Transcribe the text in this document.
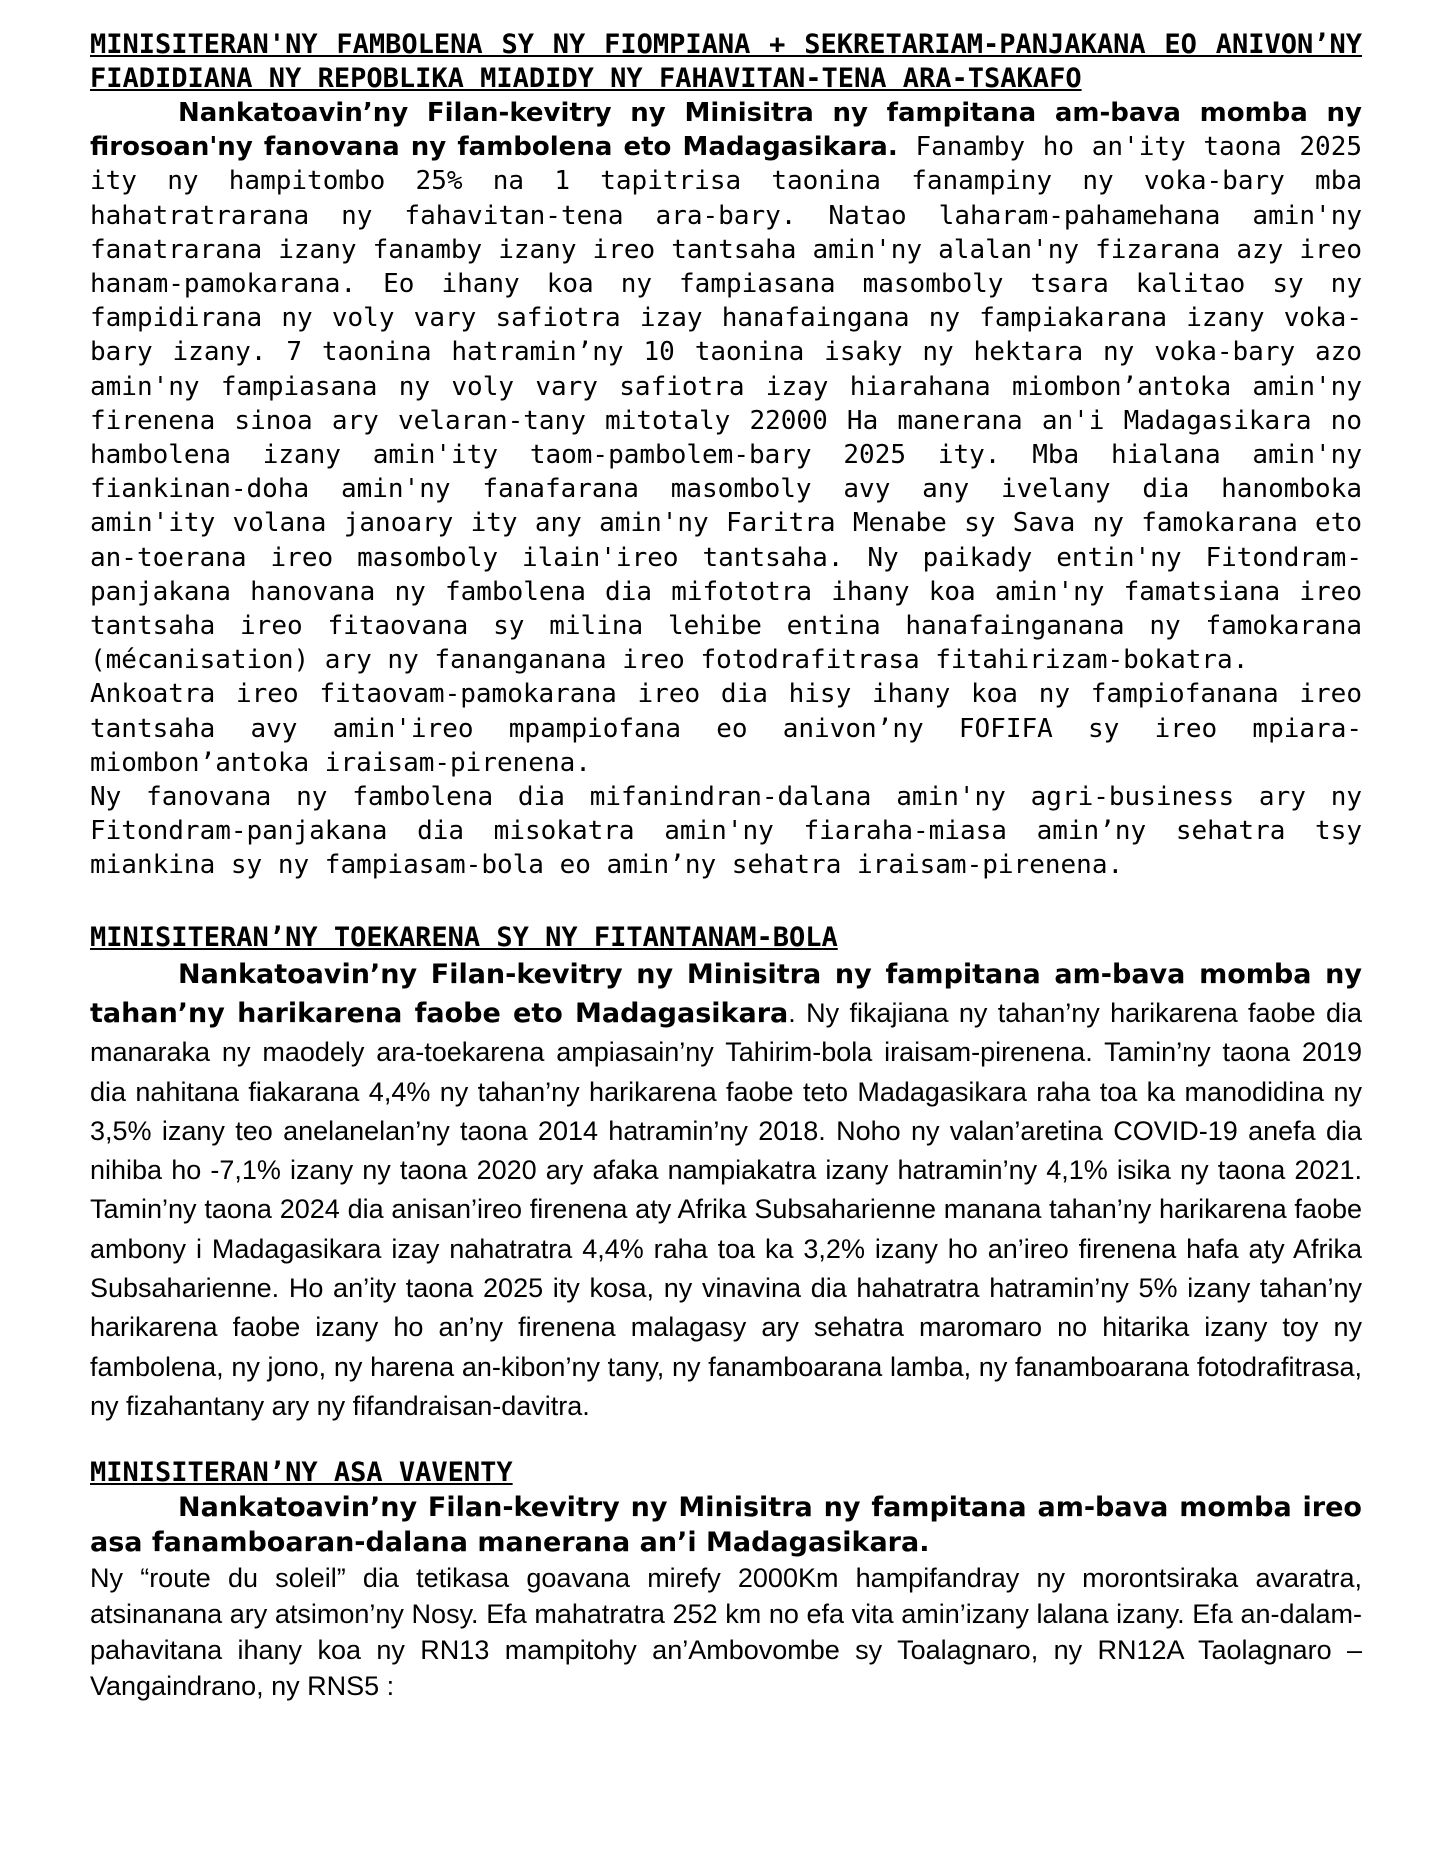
MINISITERAN'NY FAMBOLENA SY NY FIOMPIANA + SEKRETARIAM-PANJAKANA EO ANIVON’NY FIADIDIANA NY REPOBLIKA MIADIDY NY FAHAVITAN-TENA ARA-TSAKAFO

Nankatoavin’ny Filan-kevitry ny Minisitra ny fampitana am-bava momba ny firosoan'ny fanovana ny fambolena eto Madagasikara. Fanamby ho an'ity taona 2025 ity ny hampitombo 25% na 1 tapitrisa taonina fanampiny ny voka-bary mba hahatratrarana ny fahavitan-tena ara-bary. Natao laharam-pahamehana amin'ny fanatrarana izany fanamby izany ireo tantsaha amin'ny alalan'ny fizarana azy ireo hanam-pamokarana. Eo ihany koa ny fampiasana masomboly tsara kalitao sy ny fampidirana ny voly vary safiotra izay hanafaingana ny fampiakarana izany voka-bary izany. 7 taonina hatramin’ny 10 taonina isaky ny hektara ny voka-bary azo amin'ny fampiasana ny voly vary safiotra izay hiarahana miombon’antoka amin'ny firenena sinoa ary velaran-tany mitotaly 22000 Ha manerana an'i Madagasikara no hambolena izany amin'ity taom-pambolem-bary 2025 ity. Mba hialana amin'ny fiankinan-doha amin'ny fanafarana masomboly avy any ivelany dia hanomboka amin'ity volana janoary ity any amin'ny Faritra Menabe sy Sava ny famokarana eto an-toerana ireo masomboly ilain'ireo tantsaha. Ny paikady entin'ny Fitondram-panjakana hanovana ny fambolena dia mifototra ihany koa amin'ny famatsiana ireo tantsaha ireo fitaovana sy milina lehibe entina hanafainganana ny famokarana (mécanisation) ary ny fananganana ireo fotodrafitrasa fitahirizam-bokatra.

Ankoatra ireo fitaovam-pamokarana ireo dia hisy ihany koa ny fampiofanana ireo tantsaha avy amin'ireo mpampiofana eo anivon’ny FOFIFA sy ireo mpiara-miombon’antoka iraisam-pirenena.

Ny fanovana ny fambolena dia mifanindran-dalana amin'ny agri-business ary ny Fitondram-panjakana dia misokatra amin'ny fiaraha-miasa amin’ny sehatra tsy miankina sy ny fampiasam-bola eo amin’ny sehatra iraisam-pirenena.

MINISITERAN’NY TOEKARENA SY NY FITANTANAM-BOLA

Nankatoavin’ny Filan-kevitry ny Minisitra ny fampitana am-bava momba ny tahan’ny harikarena faobe eto Madagasikara. Ny fikajiana ny tahan’ny harikarena faobe dia manaraka ny maodely ara-toekarena ampiasain’ny Tahirim-bola iraisam-pirenena. Tamin’ny taona 2019 dia nahitana fiakarana 4,4% ny tahan’ny harikarena faobe teto Madagasikara raha toa ka manodidina ny 3,5% izany teo anelanelan’ny taona 2014 hatramin’ny 2018. Noho ny valan’aretina COVID-19 anefa dia nihiba ho -7,1% izany ny taona 2020 ary afaka nampiakatra izany hatramin’ny 4,1% isika ny taona 2021. Tamin’ny taona 2024 dia anisan’ireo firenena aty Afrika Subsaharienne manana tahan’ny harikarena faobe ambony i Madagasikara izay nahatratra 4,4% raha toa ka 3,2% izany ho an’ireo firenena hafa aty Afrika Subsaharienne. Ho an’ity taona 2025 ity kosa, ny vinavina dia hahatratra hatramin’ny 5% izany tahan’ny harikarena faobe izany ho an’ny firenena malagasy ary sehatra maromaro no hitarika izany toy ny fambolena, ny jono, ny harena an-kibon’ny tany, ny fanamboarana lamba, ny fanamboarana fotodrafitrasa, ny fizahantany ary ny fifandraisan-davitra.

MINISITERAN’NY ASA VAVENTY

Nankatoavin’ny Filan-kevitry ny Minisitra ny fampitana am-bava momba ireo asa fanamboaran-dalana manerana an’i Madagasikara.

Ny “route du soleil” dia tetikasa goavana mirefy 2000Km hampifandray ny morontsiraka avaratra, atsinanana ary atsimon’ny Nosy. Efa mahatratra 252 km no efa vita amin’izany lalana izany. Efa an-dalam-pahavitana ihany koa ny RN13 mampitohy an’Ambovombe sy Toalagnaro, ny RN12A Taolagnaro – Vangaindrano, ny RNS5 :
